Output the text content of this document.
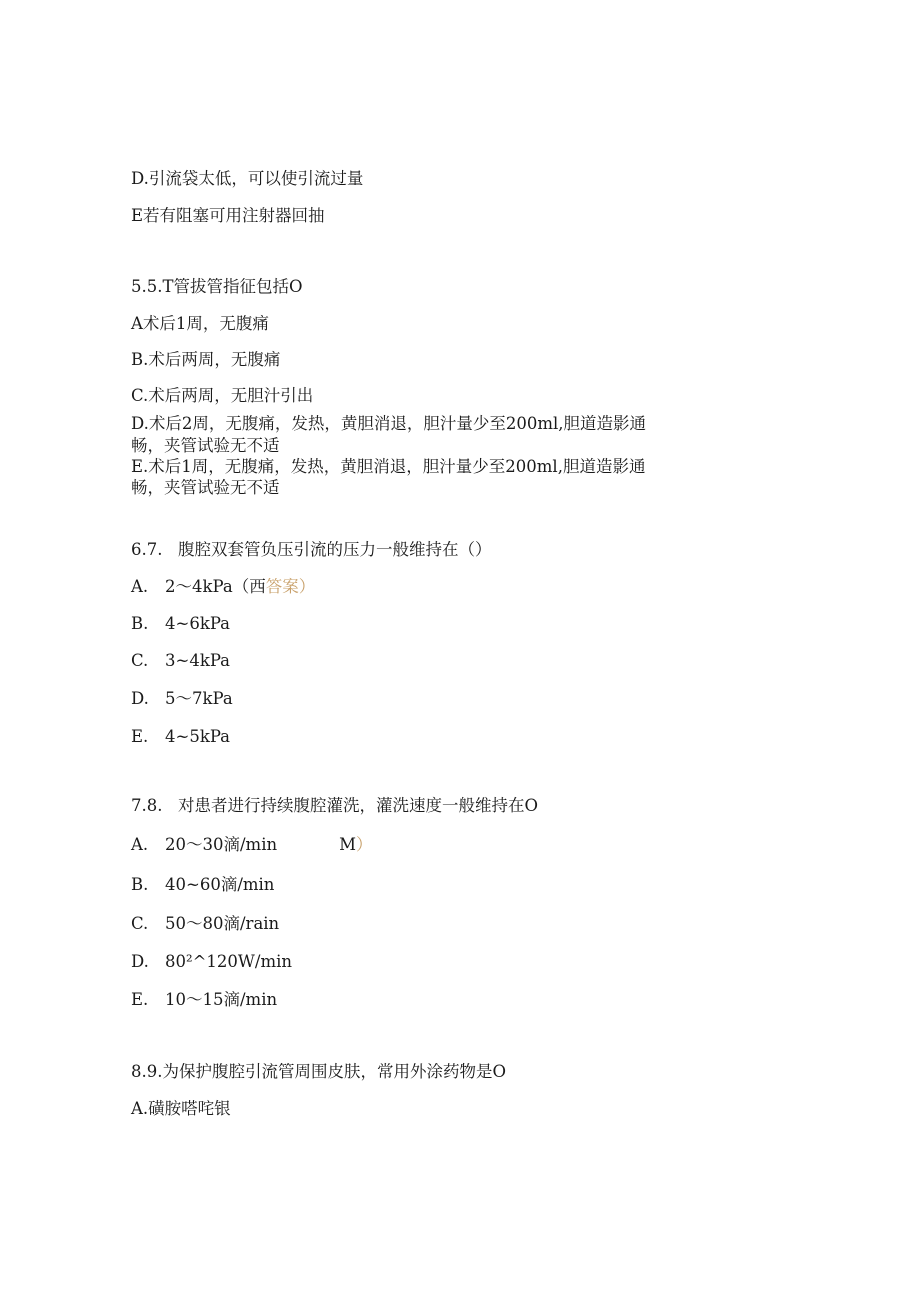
D.引流袋太低，可以使引流过量
E若有阻塞可用注射器回抽
5.5.T管拔管指征包括O
A术后1周，无腹痛
B.术后两周，无腹痛
C.术后两周，无胆汁引出
D.术后2周，无腹痛，发热，黄胆消退，胆汁量少至200ml,胆道造影通
畅，夹管试验无不适
E.术后1周，无腹痛，发热，黄胆消退，胆汁量少至200ml,胆道造影通
畅，夹管试验无不适
6.7. 腹腔双套管负压引流的压力一般维持在（）
A. 2～4kPa（西答案）
B. 4~6kPa
C. 3~4kPa
D. 5～7kPa
E. 4~5kPa
7.8. 对患者进行持续腹腔灌洗，灌洗速度一般维持在O
A. 20～30滴/min	M）
B. 40~60滴/min
C. 50～80滴/rain
D. 80²^120W/min
E. 10～15滴/min
8.9.为保护腹腔引流管周围皮肤，常用外涂药物是O
A.磺胺嗒咤银
